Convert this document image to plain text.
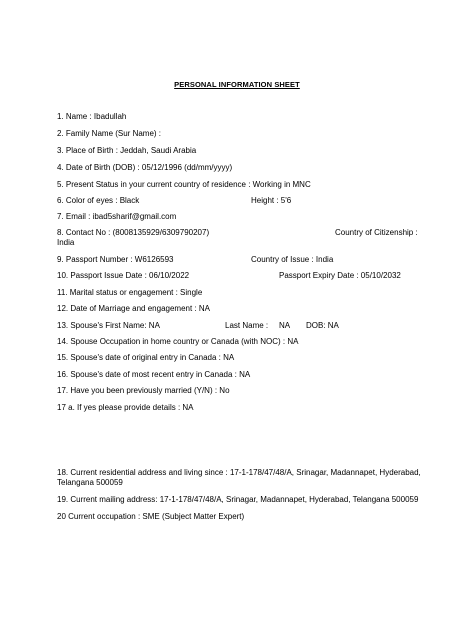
PERSONAL INFORMATION SHEET
1. Name : Ibadullah
2. Family Name (Sur Name) :
3. Place of Birth : Jeddah, Saudi Arabia
4. Date of Birth (DOB) : 05/12/1996 (dd/mm/yyyy)
5. Present Status in your current country of residence : Working in MNC
6. Color of eyes : Black	Height : 5'6
7. Email : ibad5sharif@gmail.com
8. Contact No : (8008135929/6309790207)	Country of Citizenship :
India
9. Passport Number : W6126593	Country of Issue : India
10. Passport Issue Date : 06/10/2022	Passport Expiry Date : 05/10/2032
11. Marital status or engagement : Single
12. Date of Marriage and engagement : NA
13. Spouse's First Name: NA	Last Name : NA DOB: NA
14. Spouse Occupation in home country or Canada (with NOC) : NA
15. Spouse's date of original entry in Canada : NA
16. Spouse's date of most recent entry in Canada : NA
17. Have you been previously married (Y/N) : No
17 a. If yes please provide details : NA
18. Current residential address and living since : 17-1-178/47/48/A, Srinagar, Madannapet, Hyderabad, Telangana 500059
19. Current mailing address: 17-1-178/47/48/A, Srinagar, Madannapet, Hyderabad, Telangana 500059
20 Current occupation : SME (Subject Matter Expert)
